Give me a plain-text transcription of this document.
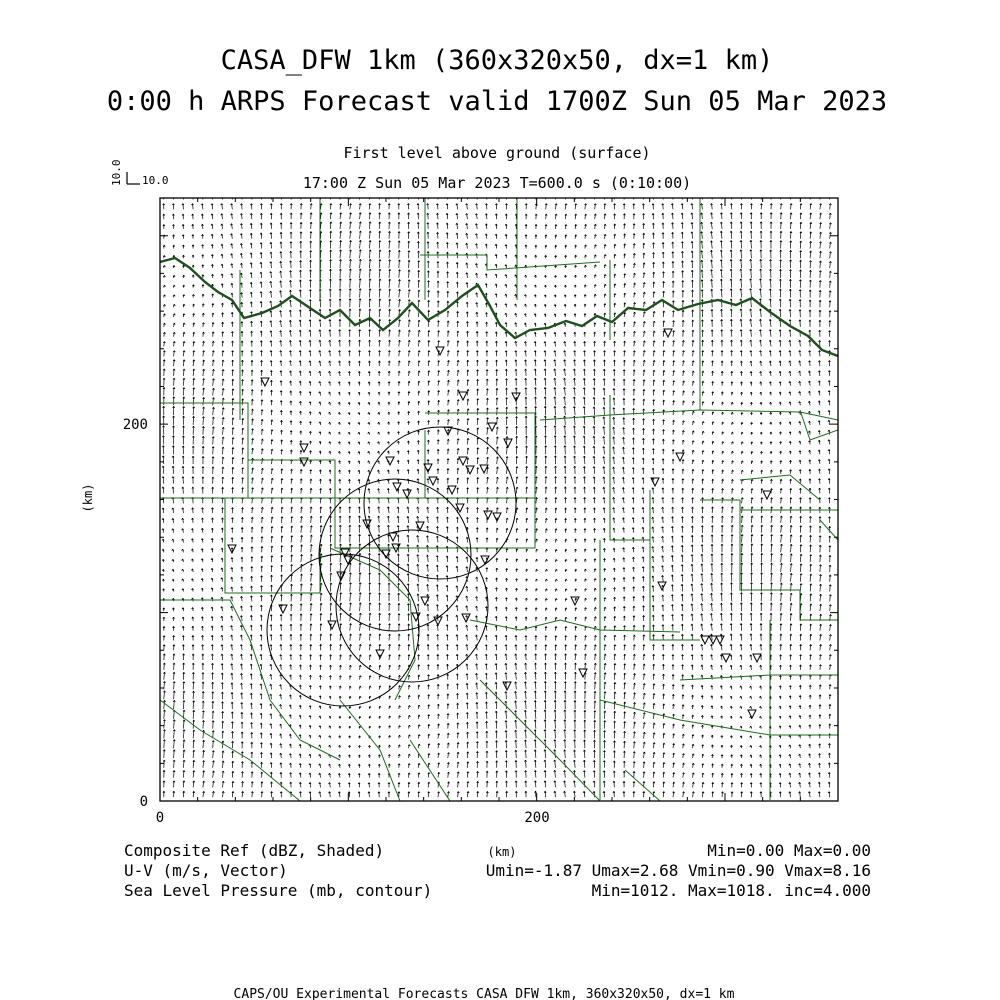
CASA_DFW 1km (360x320x50, dx=1 km)
0:00 h ARPS Forecast valid 1700Z Sun 05 Mar 2023
First level above ground (surface)
17:00 Z Sun 05 Mar 2023 T=600.0 s (0:10:00)
10.0
10.0
0	200
0
200
(km)
(km)
Composite Ref (dBZ, Shaded)	Min=0.00 Max=0.00
U-V (m/s, Vector)	Umin=-1.87 Umax=2.68 Vmin=0.90 Vmax=8.16
Sea Level Pressure (mb, contour)	Min=1012. Max=1018. inc=4.000
CAPS/OU Experimental Forecasts CASA DFW 1km, 360x320x50, dx=1 km
